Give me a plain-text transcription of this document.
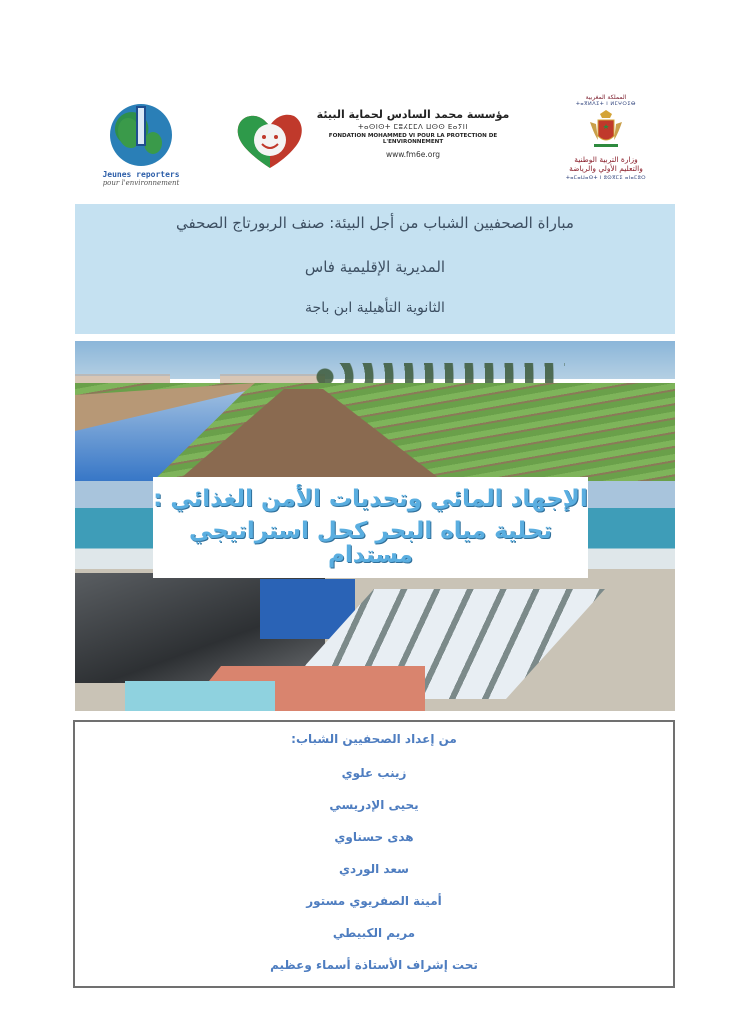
Jeunes reporters
pour l'environnement
مؤسسة محمد السادس لحماية البيئة
ⵜⴰⵙⵏⵙⵜ ⵎⵓⵃⵎⵎⴷ ⵡⵙⵙ ⴹⴰⵢⵏⵏ
FONDATION MOHAMMED VI POUR LA PROTECTION DE L'ENVIRONNEMENT
www.fm6e.org
المملكة المغربية
ⵜⴰⴳⵍⴷⵉⵜ ⵏ ⵍⵎⵖⵔⵉⴱ
وزارة التربية الوطنية
والتعليم الأولي والرياضة
ⵜⴰⵎⴰⵡⴰⵙⵜ ⵏ ⵓⵙⴳⵎⵉ ⴰⵏⴰⵎⵓⵔ
مباراة الصحفيين الشباب من أجل البيئة: صنف الربورتاج الصحفي
المديرية الإقليمية فاس
الثانوية التأهيلية ابن باجة
الإجهاد المائي وتحديات الأمن الغذائي :
تحلية مياه البحر كحل استراتيجي مستدام
من إعداد الصحفيين الشباب:
زينب علوي
يحيى الإدريسي
هدى حسناوي
سعد الوردي
أمينة الصفريوي مستور
مريم الكبيطي
تحت إشراف الأستاذة أسماء وعظيم
